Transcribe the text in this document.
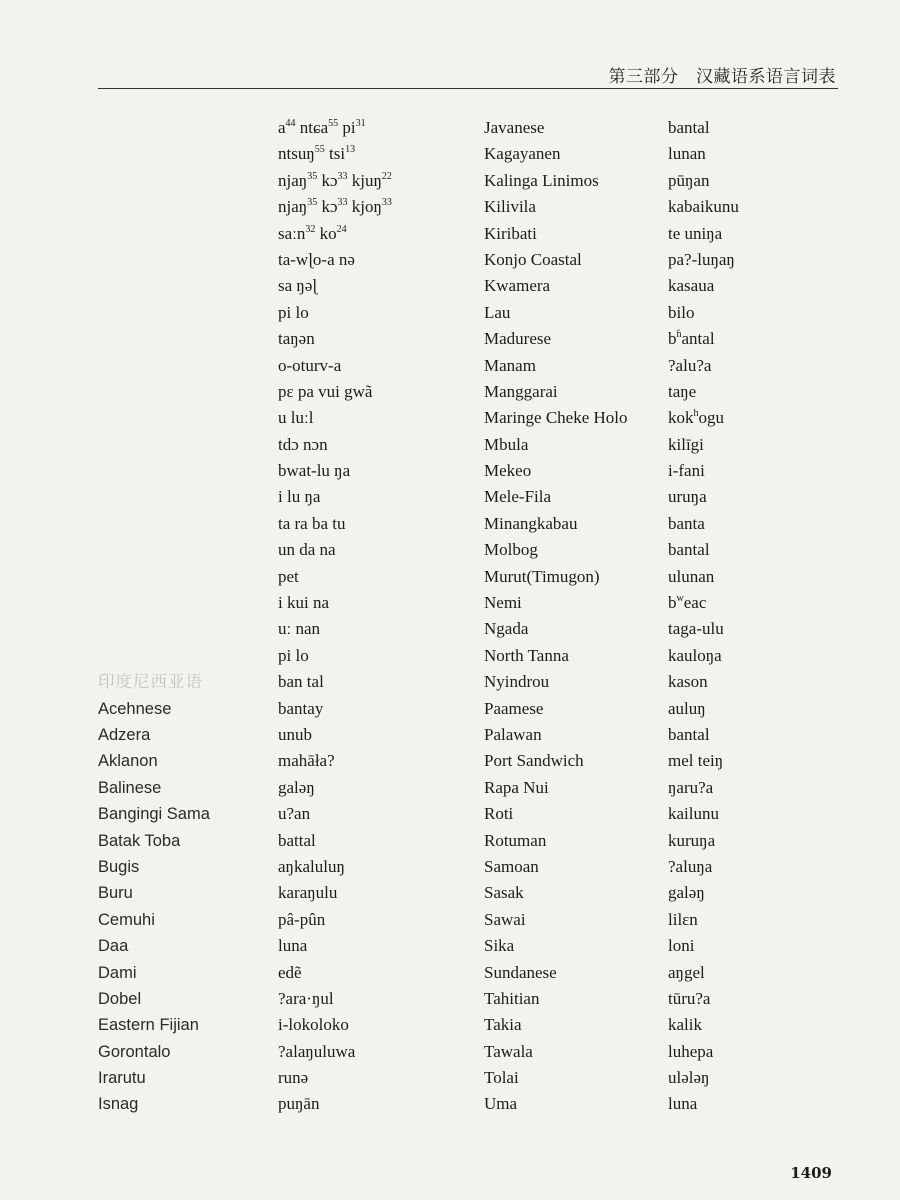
第三部分　汉藏语系语言词表
印度尼西亚语
Acehnese
Adzera
Aklanon
Balinese
Bangingi Sama
Batak Toba
Bugis
Buru
Cemuhi
Daa
Dami
Dobel
Eastern Fijian
Gorontalo
Irarutu
Isnag
$a^{44}$ ntɕa$^{55}$ $pi^{31}$
ntsuŋ$^{55}$ tsi$^{13}$
njaŋ$^{35}$ kɔ$^{33}$ kjuŋ$^{22}$
njaŋ$^{35}$ kɔ$^{33}$ kjoŋ$^{33}$
saːn$^{32}$ $ko^{24}$
ta-wɭo-a nə
sa ŋəɭ
pi lo
taŋən
o-oturv-a
pɛ pa vui gwã
u luːl
tdɔ nɔn
bwat-lu ŋa
i lu ŋa
ta ra ba tu
un da na
pet
i kui na
uː nan
pi lo
ban tal
bantay
unub
mahāła?
galəŋ
u?an
battal
aŋkaluluŋ
karaŋulu
pâ-pûn
luna
edẽ
?ara·ŋul
i-lokoloko
?alaŋuluwa
runə
puŋān
Javanese
Kagayanen
Kalinga Linimos
Kilivila
Kiribati
Konjo Coastal
Kwamera
Lau
Madurese
Manam
Manggarai
Maringe Cheke Holo
Mbula
Mekeo
Mele-Fila
Minangkabau
Molbog
Murut(Timugon)
Nemi
Ngada
North Tanna
Nyindrou
Paamese
Palawan
Port Sandwich
Rapa Nui
Roti
Rotuman
Samoan
Sasak
Sawai
Sika
Sundanese
Tahitian
Takia
Tawala
Tolai
Uma
bantal
lunan
pūŋan
kabaikunu
te uniŋa
pa?-luŋaŋ
kasaua
bilo
$b^ɦantal$
?alu?a
taŋe
kok$^h$ogu
kilīgi
i-fani
uruŋa
banta
bantal
ulunan
$b^weac$
taga-ulu
kauloŋa
kason
auluŋ
bantal
mel teiŋ
ŋaru?a
kailunu
kuruŋa
?aluŋa
galəŋ
lilɛn
loni
aŋgel
tūru?a
kalik
luhepa
ulələŋ
luna
1409
